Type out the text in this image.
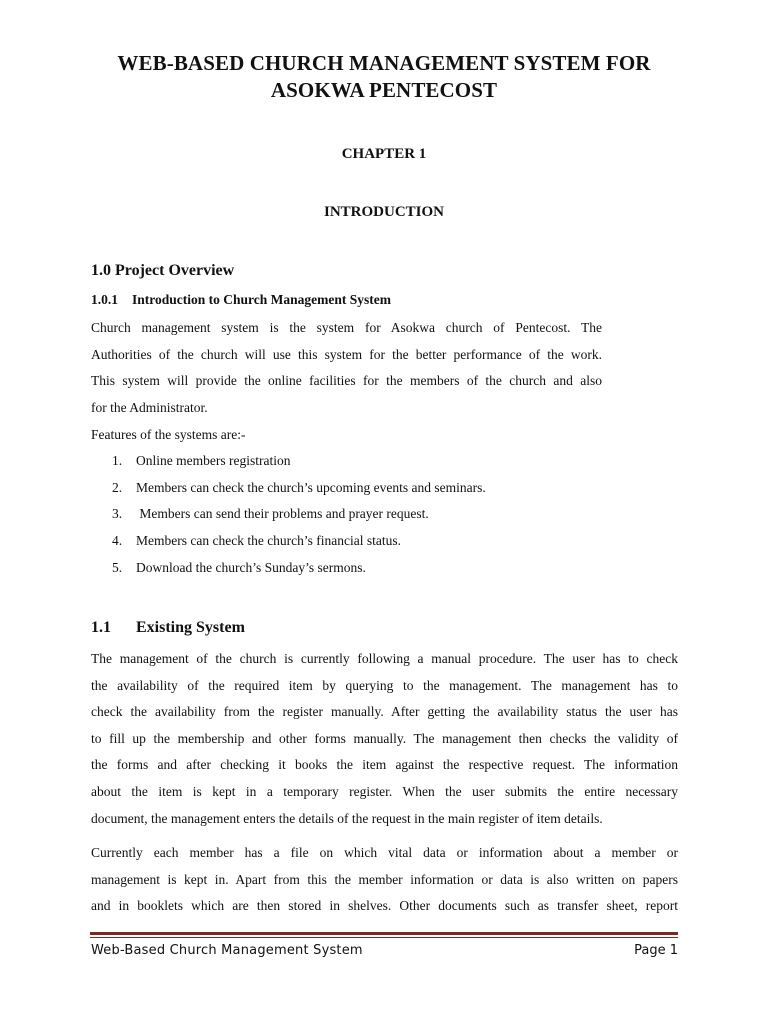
WEB-BASED CHURCH MANAGEMENT SYSTEM FOR
ASOKWA PENTECOST
CHAPTER 1
INTRODUCTION
1.0 Project Overview
1.0.1 Introduction to Church Management System
Church management system is the system for Asokwa church of Pentecost. The
Authorities of the church will use this system for the better performance of the work.
This system will provide the online facilities for the members of the church and also
for the Administrator.
Features of the systems are:-
1. Online members registration
2. Members can check the church’s upcoming events and seminars.
3. Members can send their problems and prayer request.
4. Members can check the church’s financial status.
5. Download the church’s Sunday’s sermons.
1.1 Existing System
The management of the church is currently following a manual procedure. The user has to check
the availability of the required item by querying to the management. The management has to
check the availability from the register manually. After getting the availability status the user has
to fill up the membership and other forms manually. The management then checks the validity of
the forms and after checking it books the item against the respective request. The information
about the item is kept in a temporary register. When the user submits the entire necessary
document, the management enters the details of the request in the main register of item details.
Currently each member has a file on which vital data or information about a member or
management is kept in. Apart from this the member information or data is also written on papers
and in booklets which are then stored in shelves. Other documents such as transfer sheet, report
Web-Based Church Management System	Page 1
